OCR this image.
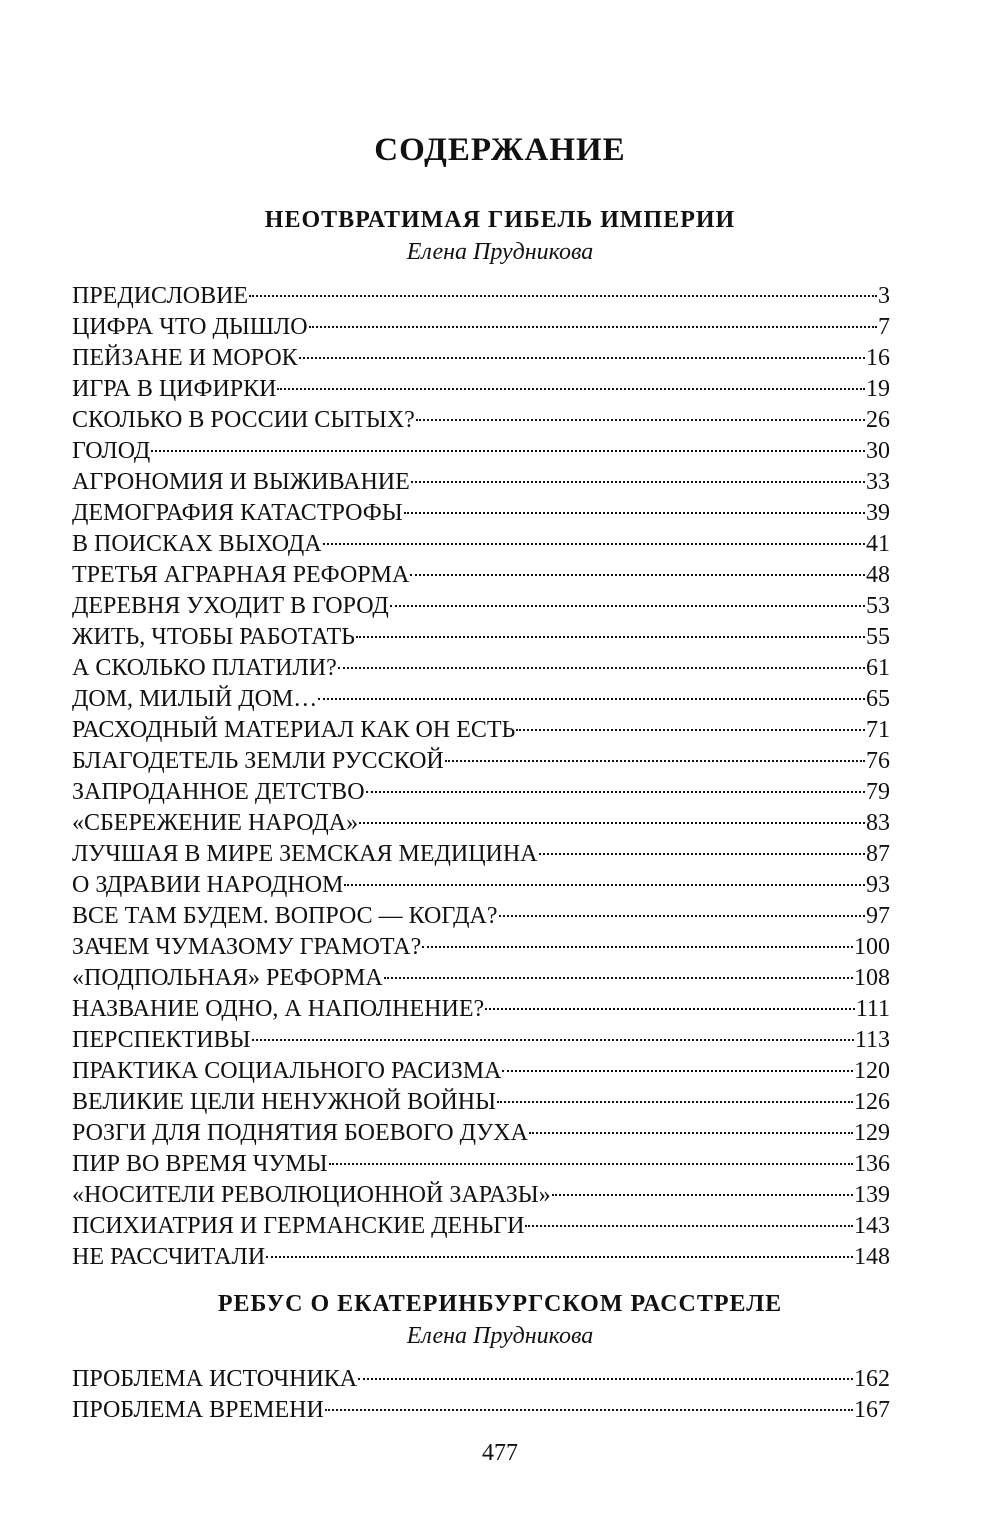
СОДЕРЖАНИЕ
НЕОТВРАТИМАЯ ГИБЕЛЬ ИМПЕРИИ
Елена Прудникова
ПРЕДИСЛОВИЕ	3
ЦИФРА ЧТО ДЫШЛО	7
ПЕЙЗАНЕ И МОРОК	16
ИГРА В ЦИФИРКИ	19
СКОЛЬКО В РОССИИ СЫТЫХ?	26
ГОЛОД	30
АГРОНОМИЯ И ВЫЖИВАНИЕ	33
ДЕМОГРАФИЯ КАТАСТРОФЫ	39
В ПОИСКАХ ВЫХОДА	41
ТРЕТЬЯ АГРАРНАЯ РЕФОРМА	48
ДЕРЕВНЯ УХОДИТ В ГОРОД	53
ЖИТЬ, ЧТОБЫ РАБОТАТЬ	55
А СКОЛЬКО ПЛАТИЛИ?	61
ДОМ, МИЛЫЙ ДОМ…	65
РАСХОДНЫЙ МАТЕРИАЛ КАК ОН ЕСТЬ	71
БЛАГОДЕТЕЛЬ ЗЕМЛИ РУССКОЙ	76
ЗАПРОДАННОЕ ДЕТСТВО	79
«СБЕРЕЖЕНИЕ НАРОДА»	83
ЛУЧШАЯ В МИРЕ ЗЕМСКАЯ МЕДИЦИНА	87
О ЗДРАВИИ НАРОДНОМ	93
ВСЕ ТАМ БУДЕМ. ВОПРОС — КОГДА?	97
ЗАЧЕМ ЧУМАЗОМУ ГРАМОТА?	100
«ПОДПОЛЬНАЯ» РЕФОРМА	108
НАЗВАНИЕ ОДНО, А НАПОЛНЕНИЕ?	111
ПЕРСПЕКТИВЫ	113
ПРАКТИКА СОЦИАЛЬНОГО РАСИЗМА	120
ВЕЛИКИЕ ЦЕЛИ НЕНУЖНОЙ ВОЙНЫ	126
РОЗГИ ДЛЯ ПОДНЯТИЯ БОЕВОГО ДУХА	129
ПИР ВО ВРЕМЯ ЧУМЫ	136
«НОСИТЕЛИ РЕВОЛЮЦИОННОЙ ЗАРАЗЫ»	139
ПСИХИАТРИЯ И ГЕРМАНСКИЕ ДЕНЬГИ	143
НЕ РАССЧИТАЛИ	148
РЕБУС О ЕКАТЕРИНБУРГСКОМ РАССТРЕЛЕ
Елена Прудникова
ПРОБЛЕМА ИСТОЧНИКА	162
ПРОБЛЕМА ВРЕМЕНИ	167
477
